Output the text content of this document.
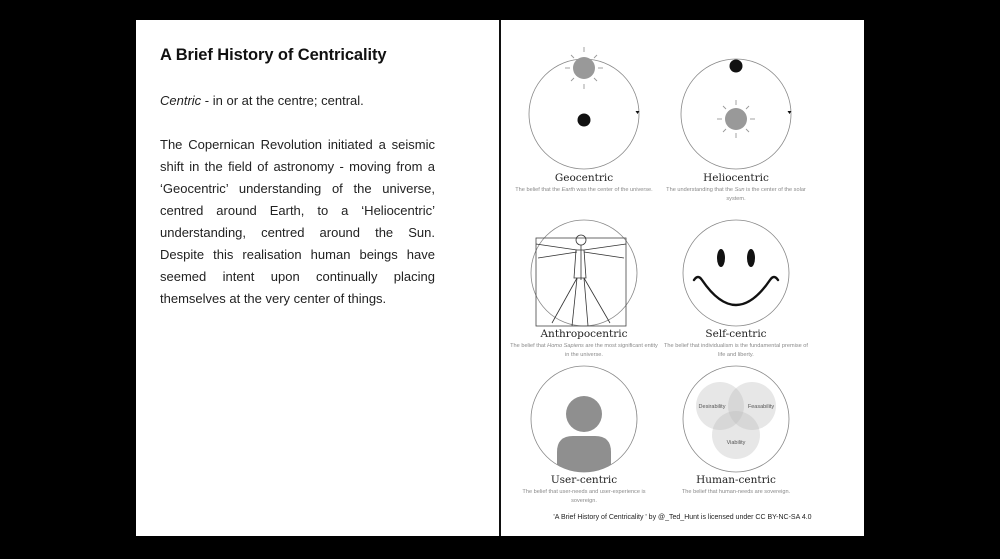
A Brief History of Centricality

Centric - in or at the centre; central.

The Copernican Revolution initiated a seismic shift in the field of astronomy - moving from a ‘Geocentric’ understanding of the universe, centred around Earth, to a ‘Heliocentric’ understanding, centred around the Sun. Despite this realisation human beings have seemed intent upon continually placing themselves at the very center of things.

Geocentric
The belief that the Earth was the center of the universe.
Heliocentric
The understanding that the Sun is the center of the solar system.
Anthropocentric
The belief that Homo Sapiens are the most significant entity in the universe.
Self-centric
The belief that individualism is the fundamental premise of life and liberty.
User-centric
The belief that user-needs and user-experience is sovereign.
Desirability	Feasability
Viability
Human-centric
The belief that human-needs are sovereign.
'A Brief History of Centricality ' by @_Ted_Hunt is licensed under CC BY-NC-SA 4.0
